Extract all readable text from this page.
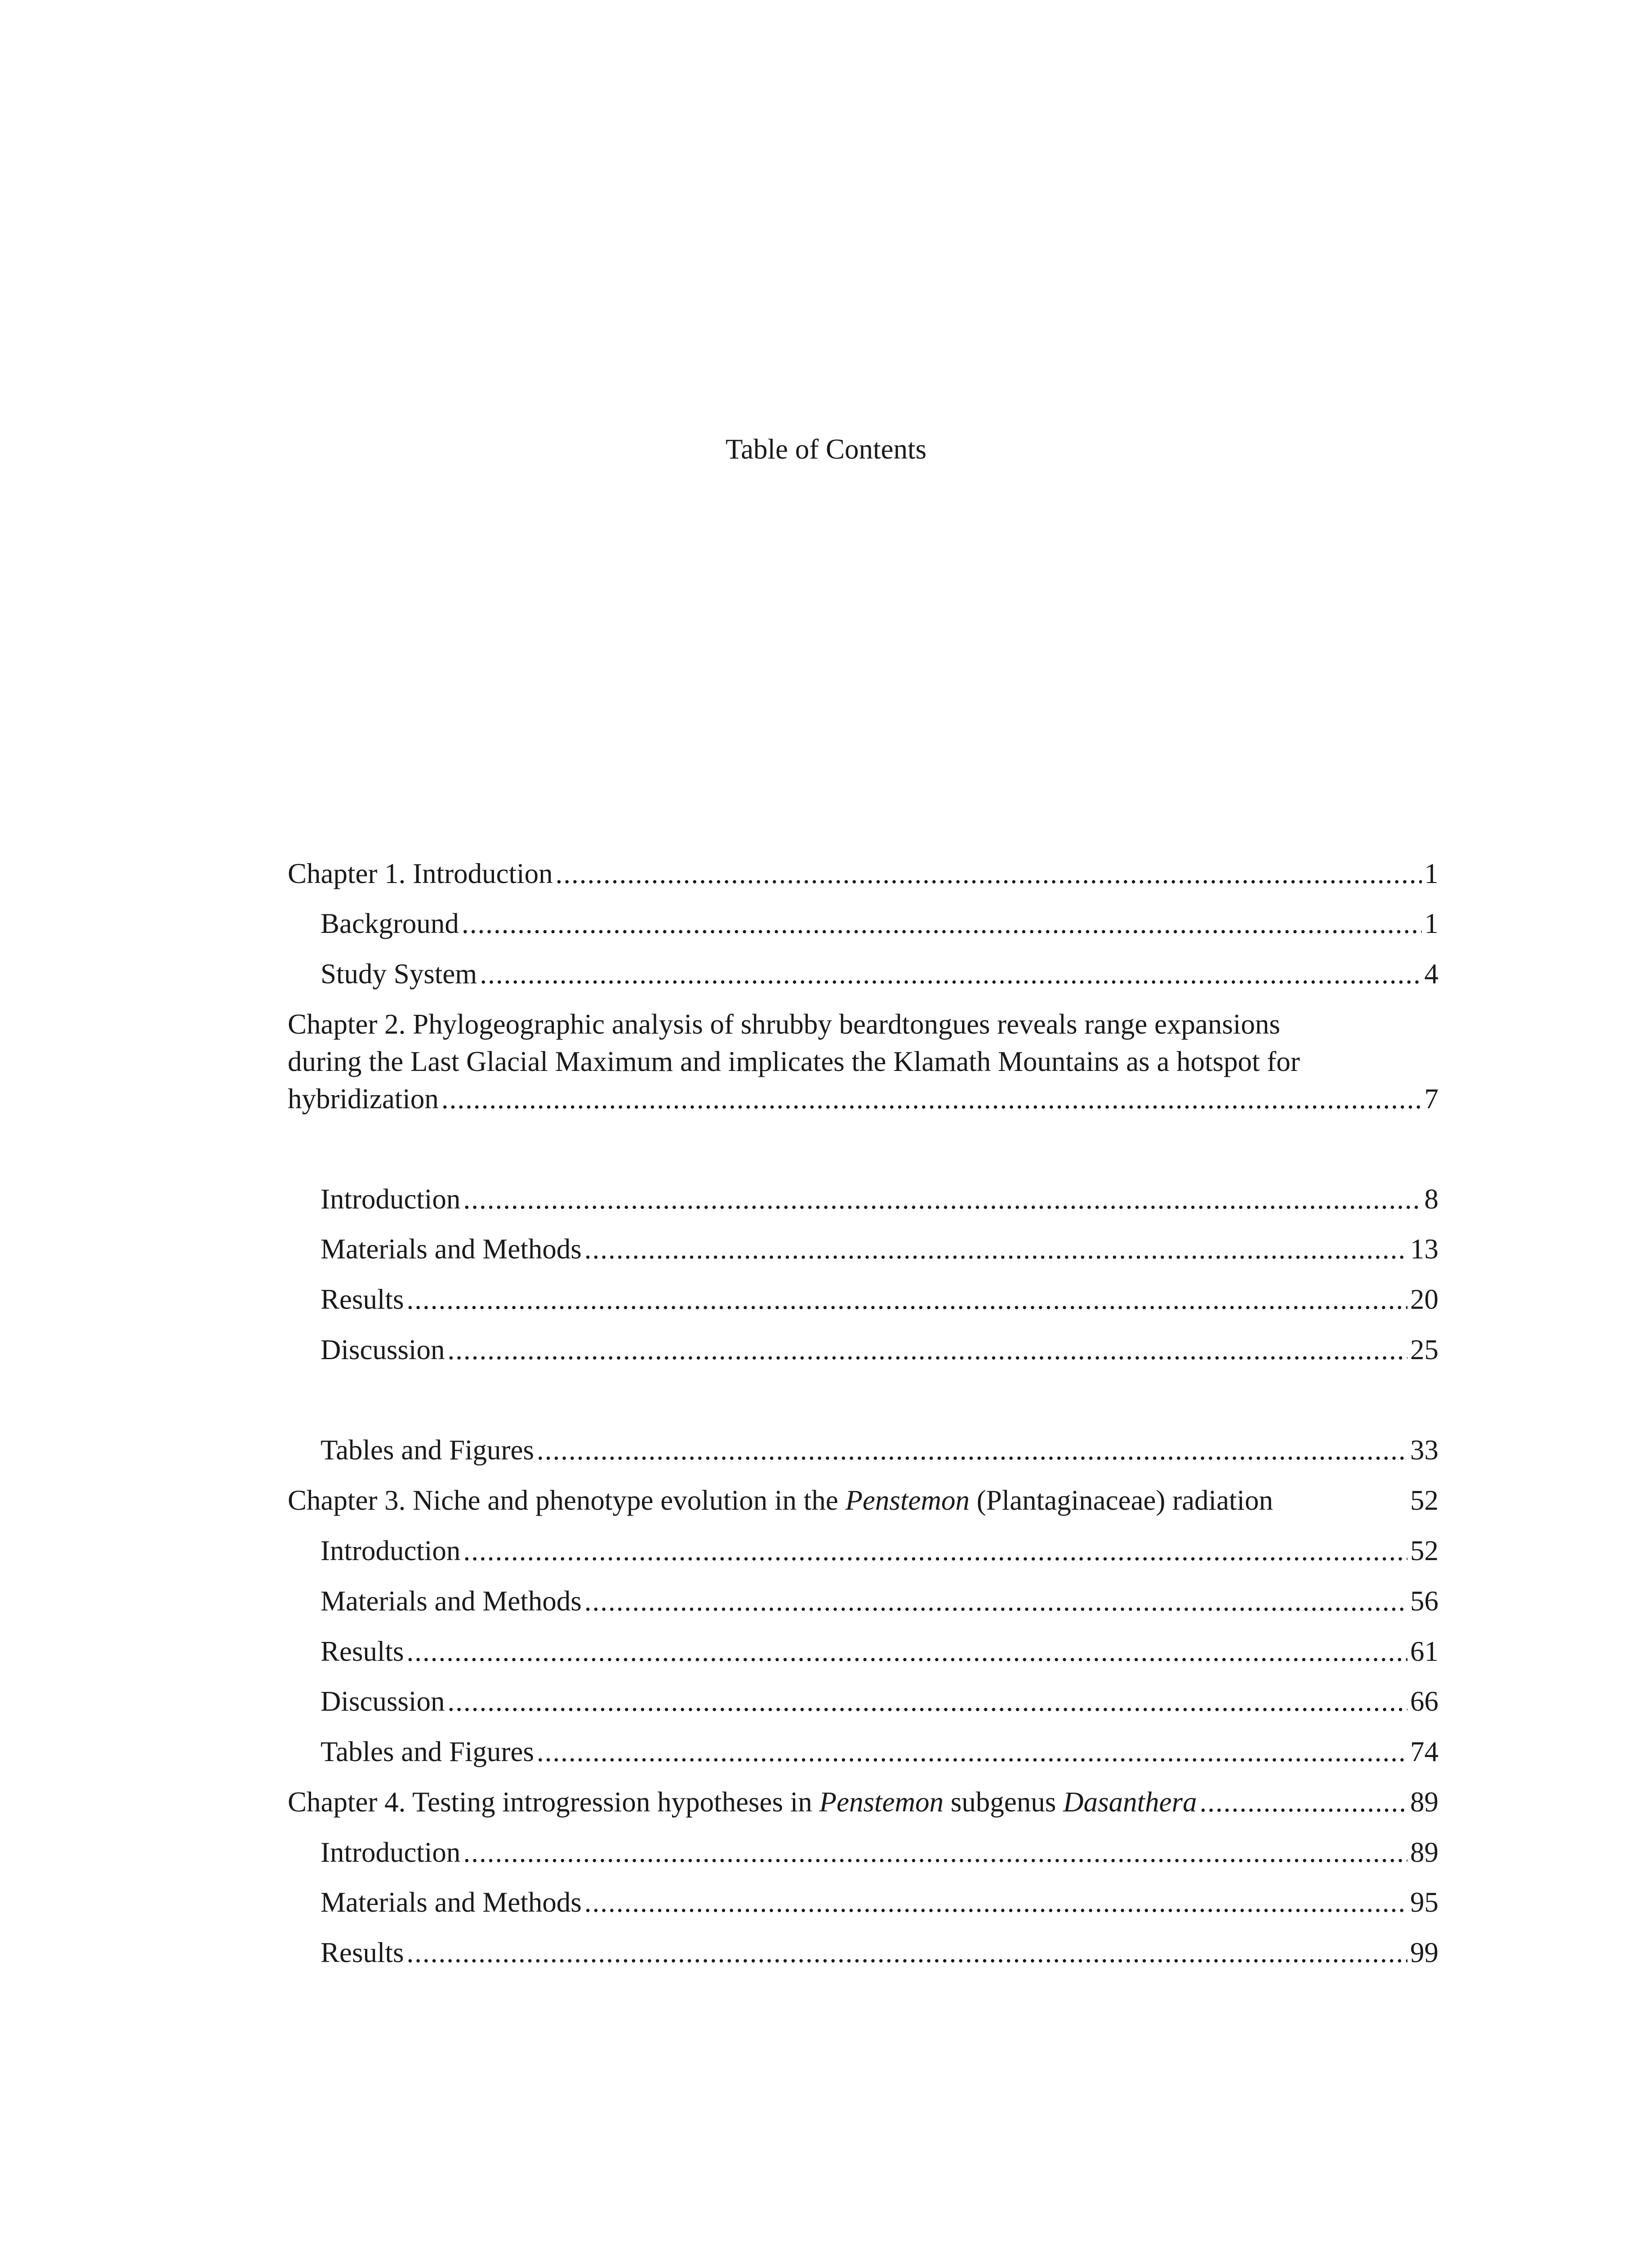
Table of Contents
Chapter 1. Introduction .....	1
Background .....	1
Study System .....	4
Chapter 2. Phylogeographic analysis of shrubby beardtongues reveals range expansions
during the Last Glacial Maximum and implicates the Klamath Mountains as a hotspot for
hybridization .....	7
Introduction .....	8
Materials and Methods .....	13
Results .....	20
Discussion .....	25
Tables and Figures .....	33
Chapter 3. Niche and phenotype evolution in the Penstemon (Plantaginaceae) radiation	52
Introduction .....	52
Materials and Methods .....	56
Results .....	61
Discussion .....	66
Tables and Figures .....	74
Chapter 4. Testing introgression hypotheses in Penstemon subgenus Dasanthera .....	89
Introduction .....	89
Materials and Methods .....	95
Results .....	99
